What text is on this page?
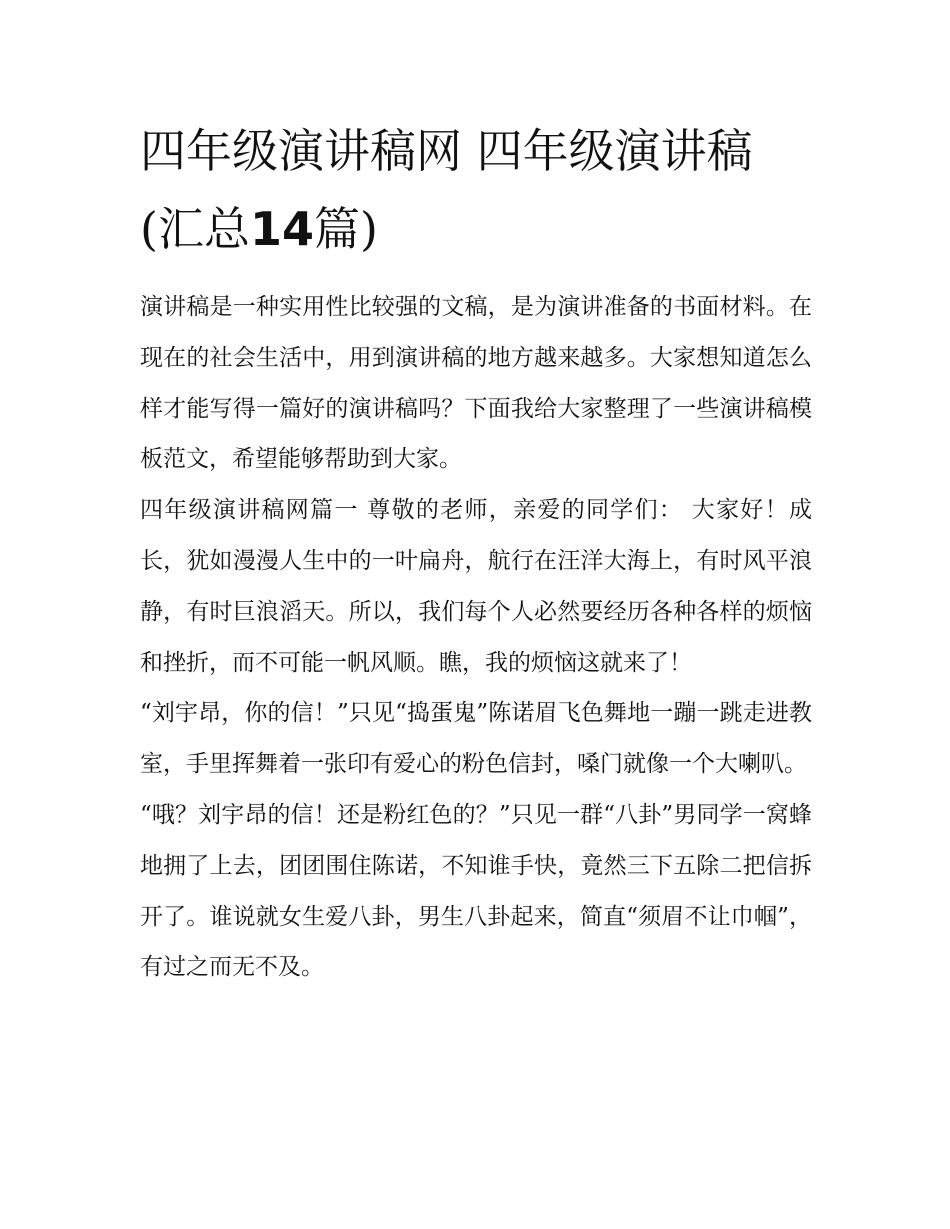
四年级演讲稿网 四年级演讲稿
(汇总14篇)

演讲稿是一种实用性比较强的文稿，是为演讲准备的书面材料。在现在的社会生活中，用到演讲稿的地方越来越多。大家想知道怎么样才能写得一篇好的演讲稿吗？下面我给大家整理了一些演讲稿模板范文，希望能够帮助到大家。

四年级演讲稿网篇一 尊敬的老师，亲爱的同学们： 大家好！成长，犹如漫漫人生中的一叶扁舟，航行在汪洋大海上，有时风平浪静，有时巨浪滔天。所以，我们每个人必然要经历各种各样的烦恼和挫折，而不可能一帆风顺。瞧，我的烦恼这就来了！

“刘宇昂，你的信！”只见“捣蛋鬼”陈诺眉飞色舞地一蹦一跳走进教室，手里挥舞着一张印有爱心的粉色信封，嗓门就像一个大喇叭。

“哦？刘宇昂的信！还是粉红色的？”只见一群“八卦”男同学一窝蜂地拥了上去，团团围住陈诺，不知谁手快，竟然三下五除二把信拆开了。谁说就女生爱八卦，男生八卦起来，简直“须眉不让巾帼”，有过之而无不及。
